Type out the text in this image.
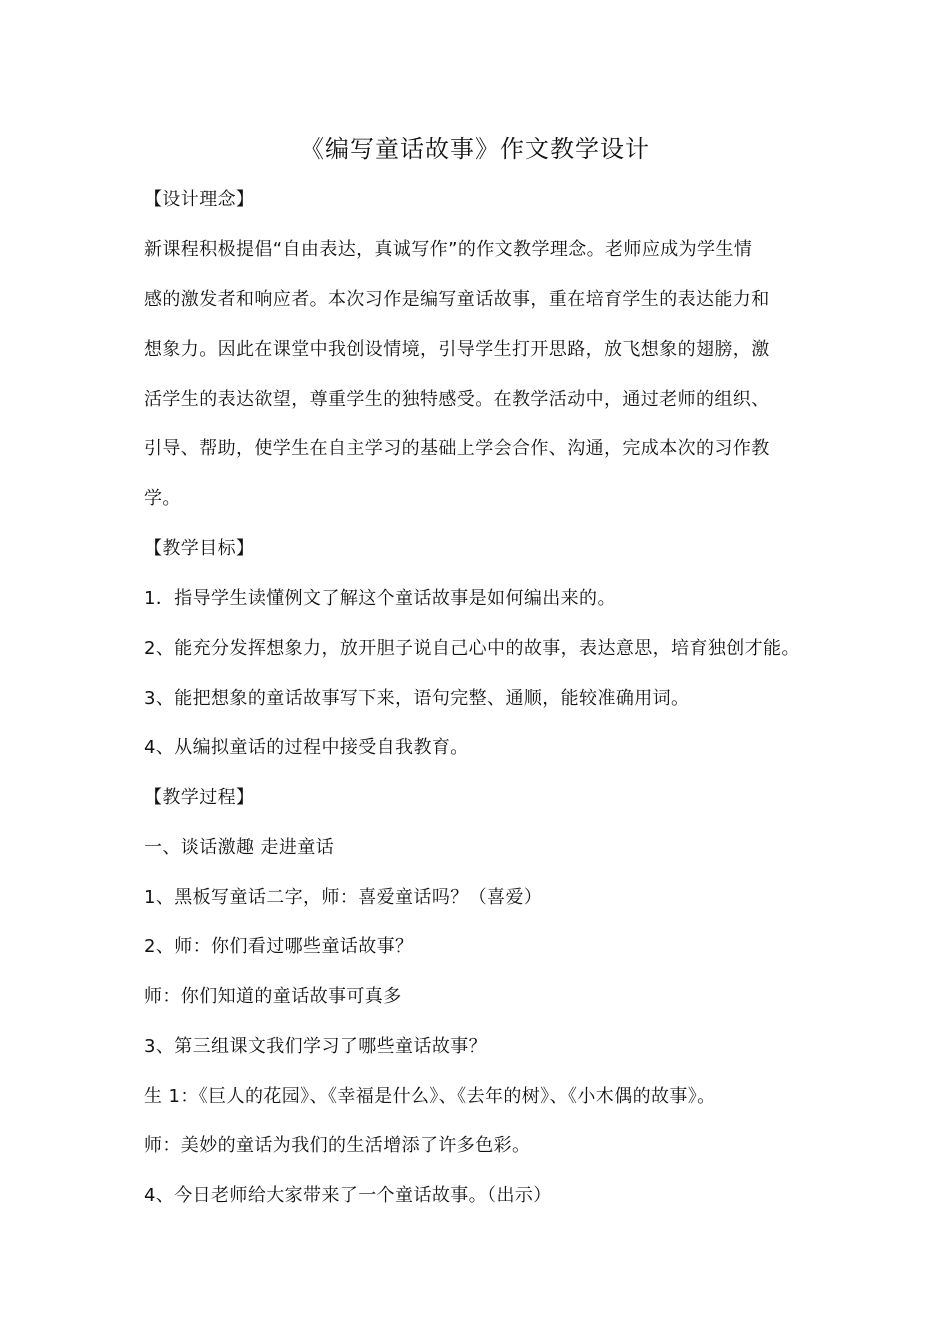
《编写童话故事》作文教学设计
【设计理念】
新课程积极提倡“自由表达，真诚写作”的作文教学理念。老师应成为学生情
感的激发者和响应者。本次习作是编写童话故事，重在培育学生的表达能力和
想象力。因此在课堂中我创设情境，引导学生打开思路，放飞想象的翅膀，激
活学生的表达欲望，尊重学生的独特感受。在教学活动中，通过老师的组织、
引导、帮助，使学生在自主学习的基础上学会合作、沟通，完成本次的习作教
学。
【教学目标】
1．指导学生读懂例文了解这个童话故事是如何编出来的。
2、能充分发挥想象力，放开胆子说自己心中的故事，表达意思，培育独创才能。
3、能把想象的童话故事写下来，语句完整、通顺，能较准确用词。
4、从编拟童话的过程中接受自我教育。
【教学过程】
一、谈话激趣 走进童话
1、黑板写童话二字，师：喜爱童话吗？（喜爱）
2、师：你们看过哪些童话故事？
师：你们知道的童话故事可真多
3、第三组课文我们学习了哪些童话故事？
生 1：《巨人的花园》、《幸福是什么》、《去年的树》、《小木偶的故事》。
师：美妙的童话为我们的生活增添了许多色彩。
4、今日老师给大家带来了一个童话故事。（出示）
